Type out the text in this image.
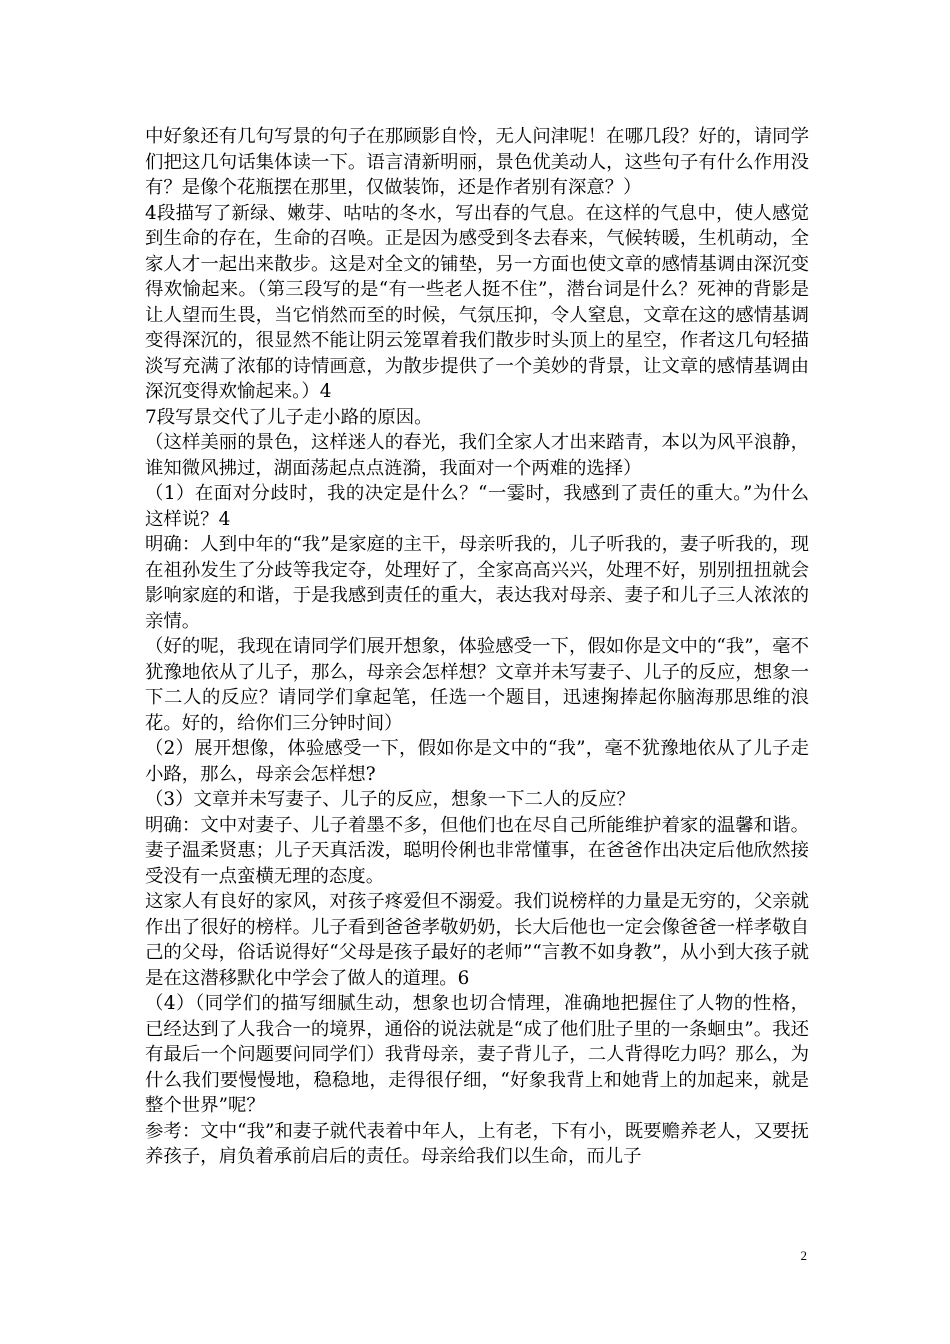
中好象还有几句写景的句子在那顾影自怜，无人问津呢！在哪几段？好的，请同学们把这几句话集体读一下。语言清新明丽，景色优美动人，这些句子有什么作用没有？是像个花瓶摆在那里，仅做装饰，还是作者别有深意？）

4段描写了新绿、嫩芽、咕咕的冬水，写出春的气息。在这样的气息中，使人感觉到生命的存在，生命的召唤。正是因为感受到冬去春来，气候转暖，生机萌动，全家人才一起出来散步。这是对全文的铺垫，另一方面也使文章的感情基调由深沉变得欢愉起来。（第三段写的是“有一些老人挺不住”，潜台词是什么？死神的背影是让人望而生畏，当它悄然而至的时候，气氛压抑，令人窒息，文章在这的感情基调变得深沉的，很显然不能让阴云笼罩着我们散步时头顶上的星空，作者这几句轻描淡写充满了浓郁的诗情画意，为散步提供了一个美妙的背景，让文章的感情基调由深沉变得欢愉起来。）4

7段写景交代了儿子走小路的原因。

（这样美丽的景色，这样迷人的春光，我们全家人才出来踏青，本以为风平浪静，谁知微风拂过，湖面荡起点点涟漪，我面对一个两难的选择）

（1）在面对分歧时，我的决定是什么？“一霎时，我感到了责任的重大。”为什么这样说？4

明确：人到中年的“我”是家庭的主干，母亲听我的，儿子听我的，妻子听我的，现在祖孙发生了分歧等我定夺，处理好了，全家高高兴兴，处理不好，别别扭扭就会影响家庭的和谐，于是我感到责任的重大，表达我对母亲、妻子和儿子三人浓浓的亲情。

（好的呢，我现在请同学们展开想象，体验感受一下，假如你是文中的“我”，毫不犹豫地依从了儿子，那么，母亲会怎样想？文章并未写妻子、儿子的反应，想象一下二人的反应？请同学们拿起笔，任选一个题目，迅速掬捧起你脑海那思维的浪花。好的，给你们三分钟时间）

（2）展开想像，体验感受一下，假如你是文中的“我”，毫不犹豫地依从了儿子走小路，那么，母亲会怎样想?

（3）文章并未写妻子、儿子的反应，想象一下二人的反应？

明确：文中对妻子、儿子着墨不多，但他们也在尽自己所能维护着家的温馨和谐。妻子温柔贤惠；儿子天真活泼，聪明伶俐也非常懂事，在爸爸作出决定后他欣然接受没有一点蛮横无理的态度。

这家人有良好的家风，对孩子疼爱但不溺爱。我们说榜样的力量是无穷的，父亲就作出了很好的榜样。儿子看到爸爸孝敬奶奶，长大后他也一定会像爸爸一样孝敬自己的父母，俗话说得好“父母是孩子最好的老师”“言教不如身教”，从小到大孩子就是在这潜移默化中学会了做人的道理。6

（4）（同学们的描写细腻生动，想象也切合情理，准确地把握住了人物的性格，已经达到了人我合一的境界，通俗的说法就是“成了他们肚子里的一条蛔虫”。我还有最后一个问题要问同学们）我背母亲，妻子背儿子，二人背得吃力吗？那么，为什么我们要慢慢地，稳稳地，走得很仔细，“好象我背上和她背上的加起来，就是整个世界”呢？

参考：文中“我”和妻子就代表着中年人，上有老，下有小，既要赡养老人，又要抚养孩子，肩负着承前启后的责任。母亲给我们以生命，而儿子

2
